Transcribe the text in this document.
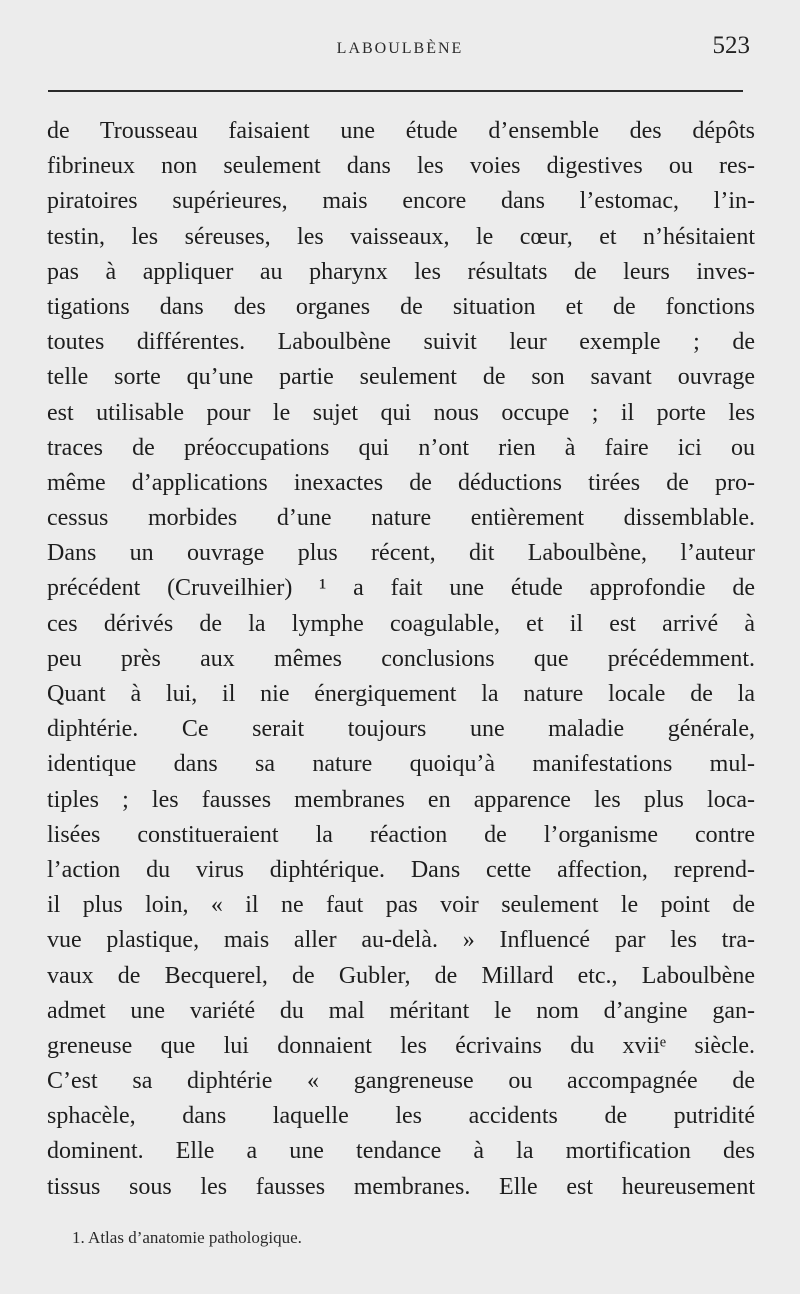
LABOULBÈNE	523
de Trousseau faisaient une étude d’ensemble des dépôts
fibrineux non seulement dans les voies digestives ou res-
piratoires supérieures, mais encore dans l’estomac, l’in-
testin, les séreuses, les vaisseaux, le cœur, et n’hésitaient
pas à appliquer au pharynx les résultats de leurs inves-
tigations dans des organes de situation et de fonctions
toutes différentes. Laboulbène suivit leur exemple ; de
telle sorte qu’une partie seulement de son savant ouvrage
est utilisable pour le sujet qui nous occupe ; il porte les
traces de préoccupations qui n’ont rien à faire ici ou
même d’applications inexactes de déductions tirées de pro-
cessus morbides d’une nature entièrement dissemblable.
Dans un ouvrage plus récent, dit Laboulbène, l’auteur
précédent (Cruveilhier) ¹ a fait une étude approfondie de
ces dérivés de la lymphe coagulable, et il est arrivé à
peu près aux mêmes conclusions que précédemment.
Quant à lui, il nie énergiquement la nature locale de la
diphtérie. Ce serait toujours une maladie générale,
identique dans sa nature quoiqu’à manifestations mul-
tiples ; les fausses membranes en apparence les plus loca-
lisées constitueraient la réaction de l’organisme contre
l’action du virus diphtérique. Dans cette affection, reprend-
il plus loin, « il ne faut pas voir seulement le point de
vue plastique, mais aller au-delà. » Influencé par les tra-
vaux de Becquerel, de Gubler, de Millard etc., Laboulbène
admet une variété du mal méritant le nom d’angine gan-
greneuse que lui donnaient les écrivains du xviiᵉ siècle.
C’est sa diphtérie « gangreneuse ou accompagnée de
sphacèle, dans laquelle les accidents de putridité
dominent. Elle a une tendance à la mortification des
tissus sous les fausses membranes. Elle est heureusement
1. Atlas d’anatomie pathologique.
